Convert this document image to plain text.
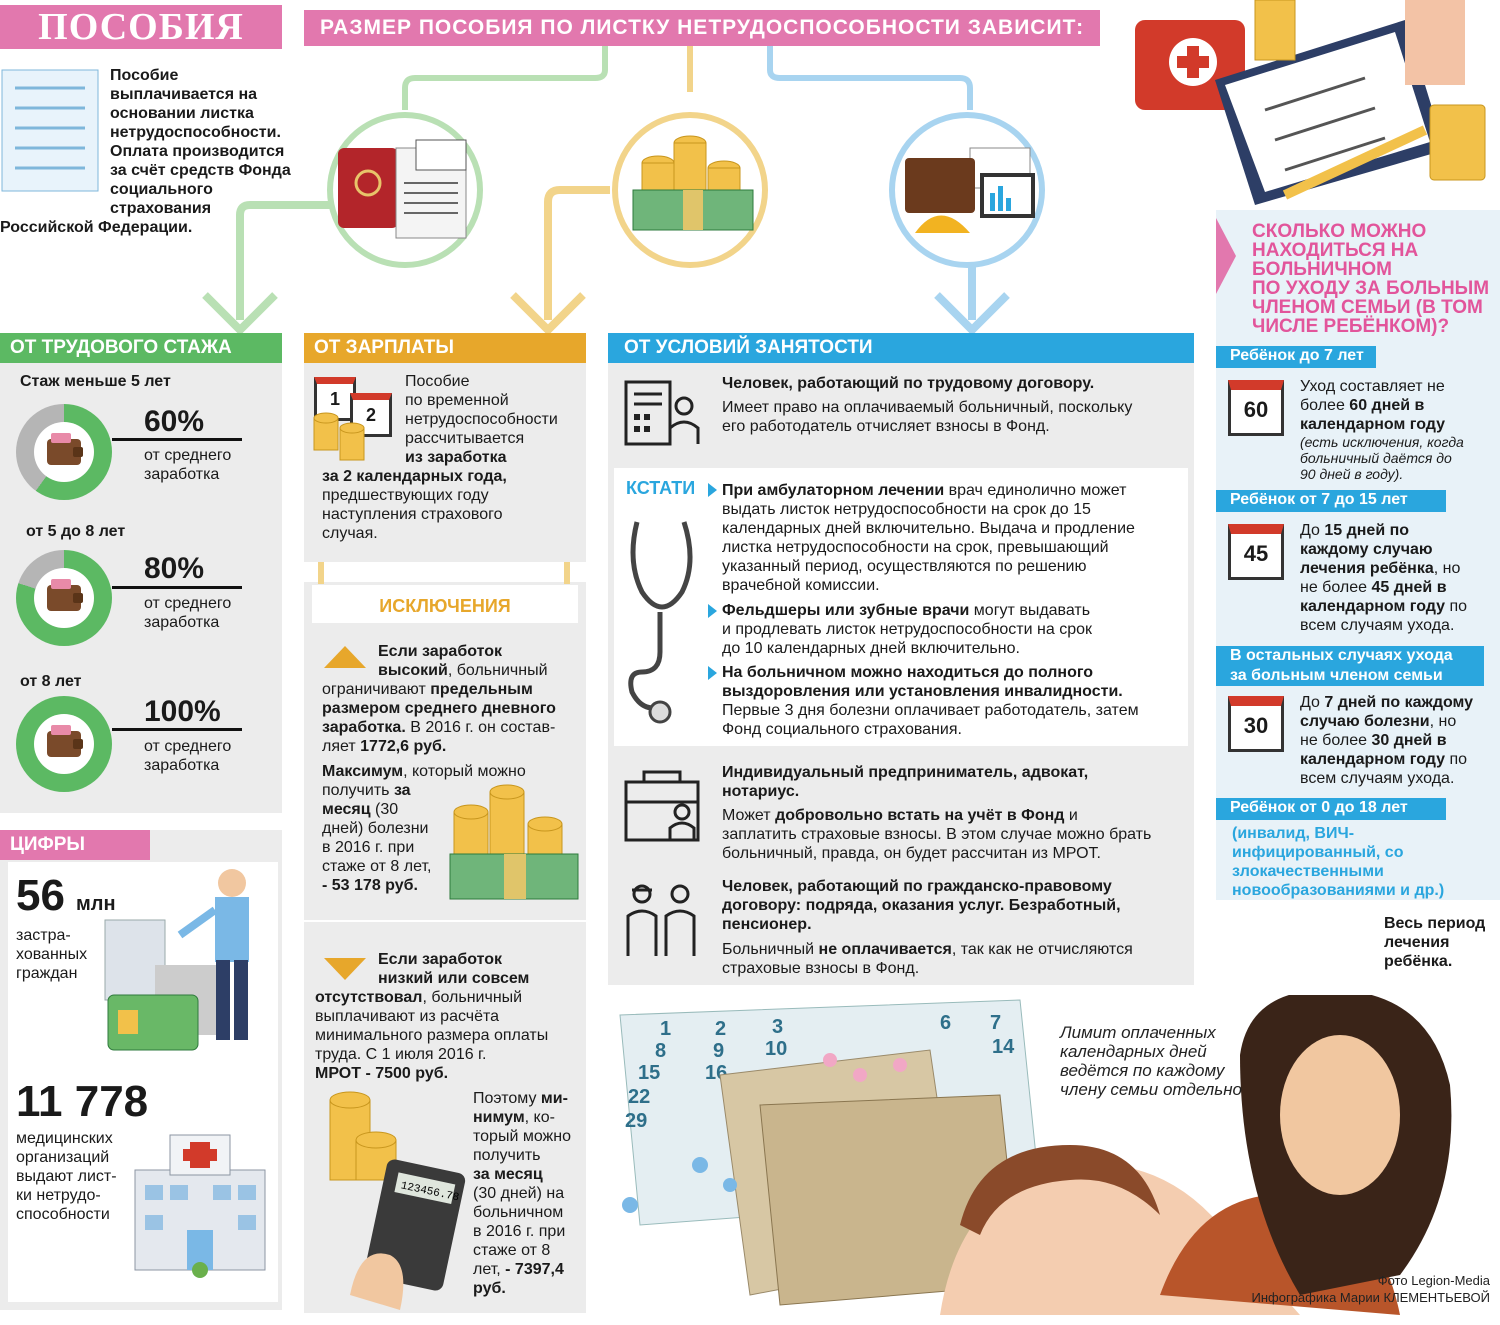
ПОСОБИЯ	РАЗМЕР ПОСОБИЯ ПО ЛИСТКУ НЕТРУДОСПОСОБНОСТИ ЗАВИСИТ:
Пособие
выплачивается на
основании листка
нетрудоспособности.
Оплата производится
за счёт средств Фонда
социального
страхования
Российской Федерации.
ОТ ТРУДОВОГО СТАЖА
Стаж меньше 5 лет
60%
от среднего
заработка
от 5 до 8 лет
80%
от среднего
заработка
от 8 лет
100%
от среднего
заработка
ЦИФРЫ
56 млн
застра-
хованных
граждан
11 778
медицинских
организаций
выдают лист-
ки нетрудо-
способности
ОТ ЗАРПЛАТЫ
1
2
Пособие
по временной
нетрудоспособности
рассчитывается
из заработка
за 2 календарных года,
предшествующих году
наступления страхового
случая.
ИСКЛЮЧЕНИЯ
Если заработок
высокий, больничный
ограничивают предельным
размером среднего дневного
заработка. В 2016 г. он состав-
ляет 1772,6 руб.
Максимум, который можно
получить за
месяц (30
дней) болезни
в 2016 г. при
стаже от 8 лет,
- 53 178 руб.
Если заработок
низкий или совсем
отсутствовал, больничный
выплачивают из расчёта
минимального размера оплаты
труда. С 1 июля 2016 г.
МРОТ - 7500 руб.
123456.78
Поэтому ми-
нимум, ко-
торый можно
получить
за месяц
(30 дней) на
больничном
в 2016 г. при
стаже от 8
лет, - 7397,4
руб.
ОТ УСЛОВИЙ ЗАНЯТОСТИ
Человек, работающий по трудовому договору.
Имеет право на оплачиваемый больничный, поскольку
его работодатель отчисляет взносы в Фонд.
КСТАТИ При амбулаторном лечении врач единолично может
выдать листок нетрудоспособности на срок до 15
календарных дней включительно. Выдача и продление
листка нетрудоспособности на срок, превышающий
указанный период, осуществляются по решению
врачебной комиссии.
Фельдшеры или зубные врачи могут выдавать
и продлевать листок нетрудоспособности на срок
до 10 календарных дней включительно.
На больничном можно находиться до полного
выздоровления или установления инвалидности.
Первые 3 дня болезни оплачивает работодатель, затем
Фонд социального страхования.
Индивидуальный предприниматель, адвокат,
нотариус.
Может добровольно встать на учёт в Фонд и
заплатить страховые взносы. В этом случае можно брать
больничный, правда, он будет рассчитан из МРОТ.
Человек, работающий по гражданско-правовому
договору: подряда, оказания услуг. Безработный,
пенсионер.
Больничный не оплачивается, так как не отчисляются
страховые взносы в Фонд.
СКОЛЬКО МОЖНО
НАХОДИТЬСЯ НА
БОЛЬНИЧНОМ
ПО УХОДУ ЗА БОЛЬНЫМ
ЧЛЕНОМ СЕМЬИ (В ТОМ
ЧИСЛЕ РЕБЁНКОМ)?
Ребёнок до 7 лет
60
Уход составляет не
более 60 дней в
календарном году
(есть исключения, когда
больничный даётся до
90 дней в году).
Ребёнок от 7 до 15 лет
45
До 15 дней по
каждому случаю
лечения ребёнка, но
не более 45 дней в
календарном году по
всем случаям ухода.
В остальных случаях ухода
за больным членом семьи
30
До 7 дней по каждому
случаю болезни, но
не более 30 дней в
календарном году по
всем случаям ухода.
Ребёнок от 0 до 18 лет
(инвалид, ВИЧ-
инфицированный, со
злокачественными
новообразованиями и др.)
1 2 3
8 9 10
15 16
22
29
6 7
14
Лимит оплаченных
календарных дней
ведётся по каждому
члену семьи отдельно
Весь период
лечения
ребёнка.
Фото Legion-Media
Инфографика Марии КЛЕМЕНТЬЕВОЙ
